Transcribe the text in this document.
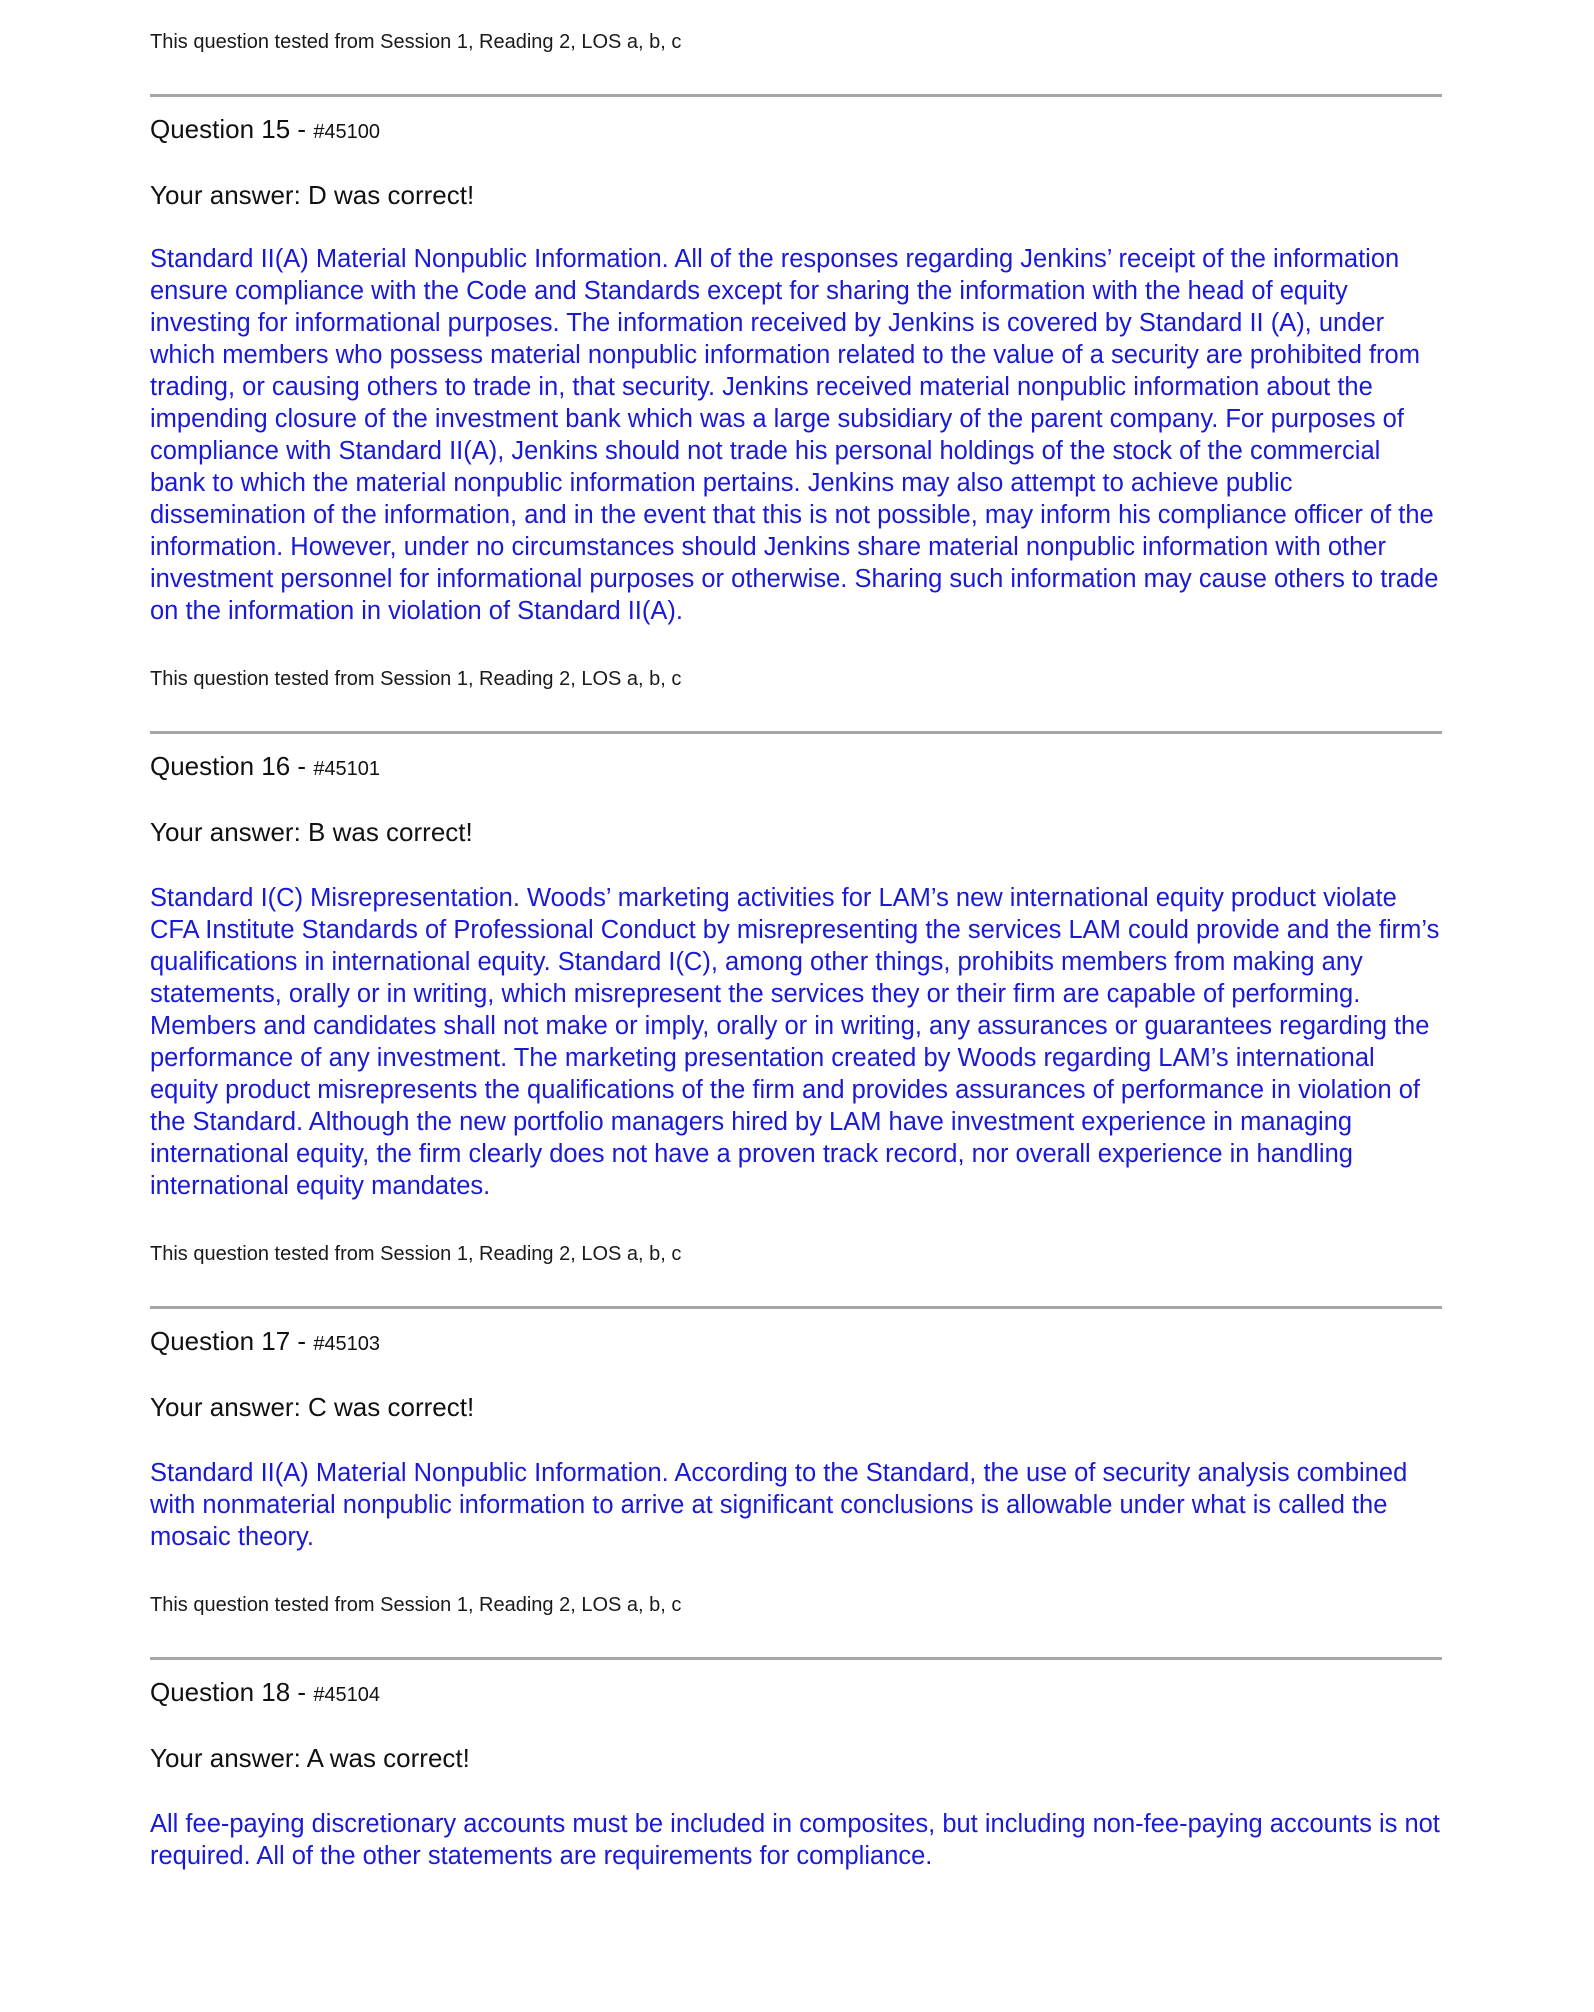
This question tested from Session 1, Reading 2, LOS a, b, c

Question 15 - #45100

Your answer: D was correct!

Standard II(A) Material Nonpublic Information. All of the responses regarding Jenkins’ receipt of the information ensure compliance with the Code and Standards except for sharing the information with the head of equity investing for informational purposes. The information received by Jenkins is covered by Standard II (A), under which members who possess material nonpublic information related to the value of a security are prohibited from trading, or causing others to trade in, that security. Jenkins received material nonpublic information about the impending closure of the investment bank which was a large subsidiary of the parent company. For purposes of compliance with Standard II(A), Jenkins should not trade his personal holdings of the stock of the commercial bank to which the material nonpublic information pertains. Jenkins may also attempt to achieve public dissemination of the information, and in the event that this is not possible, may inform his compliance officer of the information. However, under no circumstances should Jenkins share material nonpublic information with other investment personnel for informational purposes or otherwise. Sharing such information may cause others to trade on the information in violation of Standard II(A).

This question tested from Session 1, Reading 2, LOS a, b, c

Question 16 - #45101

Your answer: B was correct!

Standard I(C) Misrepresentation. Woods’ marketing activities for LAM’s new international equity product violate CFA Institute Standards of Professional Conduct by misrepresenting the services LAM could provide and the firm’s qualifications in international equity. Standard I(C), among other things, prohibits members from making any statements, orally or in writing, which misrepresent the services they or their firm are capable of performing. Members and candidates shall not make or imply, orally or in writing, any assurances or guarantees regarding the performance of any investment. The marketing presentation created by Woods regarding LAM’s international equity product misrepresents the qualifications of the firm and provides assurances of performance in violation of the Standard. Although the new portfolio managers hired by LAM have investment experience in managing international equity, the firm clearly does not have a proven track record, nor overall experience in handling international equity mandates.

This question tested from Session 1, Reading 2, LOS a, b, c

Question 17 - #45103

Your answer: C was correct!

Standard II(A) Material Nonpublic Information. According to the Standard, the use of security analysis combined with nonmaterial nonpublic information to arrive at significant conclusions is allowable under what is called the mosaic theory.

This question tested from Session 1, Reading 2, LOS a, b, c

Question 18 - #45104

Your answer: A was correct!

All fee-paying discretionary accounts must be included in composites, but including non-fee-paying accounts is not required. All of the other statements are requirements for compliance.
